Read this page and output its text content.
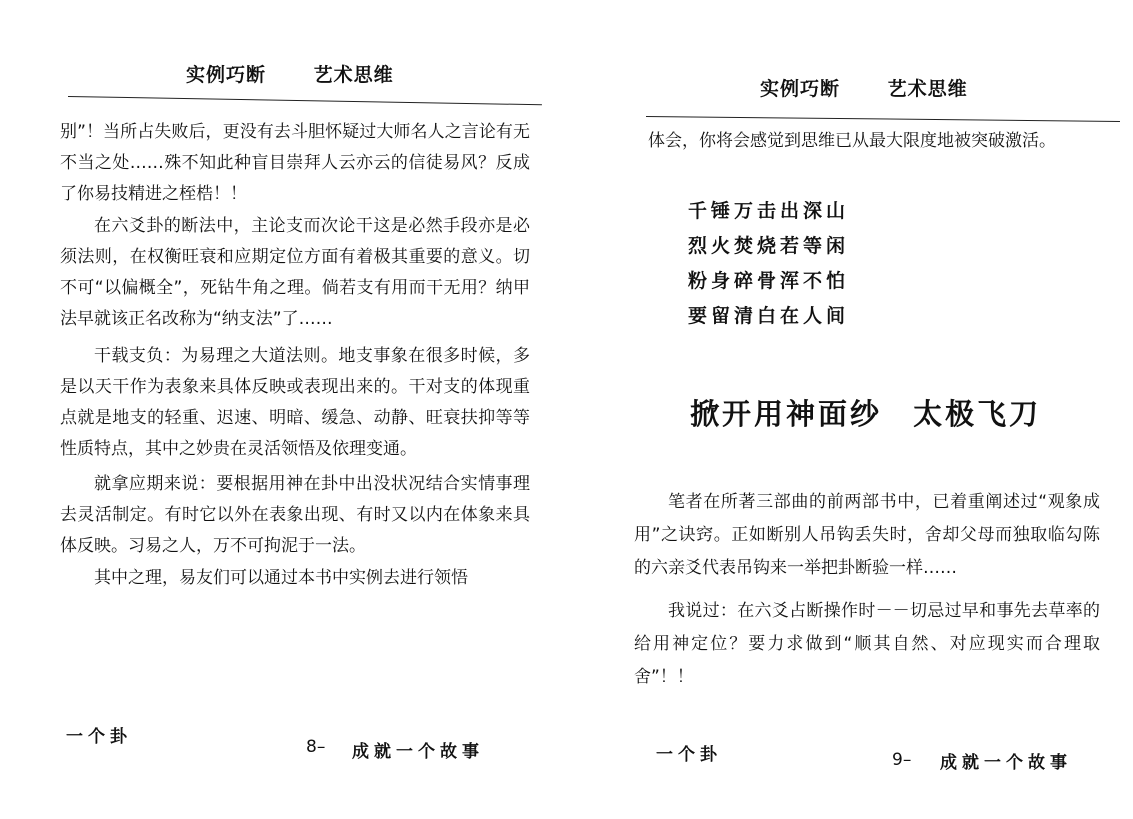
实例巧断	艺术思维

别”！当所占失败后，更没有去斗胆怀疑过大师名人之言论有无不当之处……殊不知此种盲目崇拜人云亦云的信徒易风？反成了你易技精进之桎梏！！

在六爻卦的断法中，主论支而次论干这是必然手段亦是必须法则，在权衡旺衰和应期定位方面有着极其重要的意义。切不可“以偏概全”，死钻牛角之理。倘若支有用而干无用？纳甲法早就该正名改称为“纳支法”了……

干载支负：为易理之大道法则。地支事象在很多时候，多是以天干作为表象来具体反映或表现出来的。干对支的体现重点就是地支的轻重、迟速、明暗、缓急、动静、旺衰扶抑等等性质特点，其中之妙贵在灵活领悟及依理变通。

就拿应期来说：要根据用神在卦中出没状况结合实情事理去灵活制定。有时它以外在表象出现、有时又以内在体象来具体反映。习易之人，万不可拘泥于一法。

其中之理，易友们可以通过本书中实例去进行领悟

一个卦	8– 成就一个故事
实例巧断	艺术思维

体会，你将会感觉到思维已从最大限度地被突破激活。

千锤万击出深山
烈火焚烧若等闲
粉身碎骨浑不怕
要留清白在人间
掀开用神面纱 太极飞刀

笔者在所著三部曲的前两部书中，已着重阐述过“观象成用”之诀窍。正如断别人吊钩丢失时，舍却父母而独取临勾陈的六亲爻代表吊钩来一举把卦断验一样……

我说过：在六爻占断操作时－－切忌过早和事先去草率的给用神定位？要力求做到“顺其自然、对应现实而合理取舍”！！

一个卦	9– 成就一个故事
